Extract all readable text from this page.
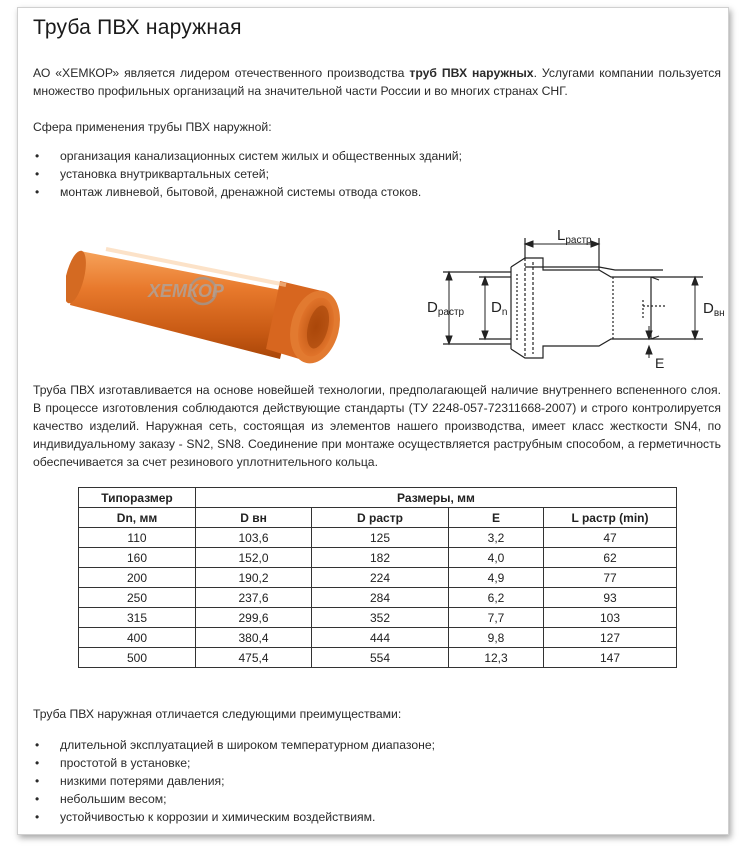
Труба ПВХ наружная
АО «ХЕМКОР» является лидером отечественного производства труб ПВХ наружных. Услугами компании пользуется множество профильных организаций на значительной части России и во многих странах СНГ.
Сфера применения трубы ПВХ наружной:
• организация канализационных систем жилых и общественных зданий;
• установка внутриквартальных сетей;
• монтаж ливневой, бытовой, дренажной системы отвода стоков.
ХЕМКОР
$L_{растр}$
$D_{растр}$ $D_n$	$D_{вн}$
E
Труба ПВХ изготавливается на основе новейшей технологии, предполагающей наличие внутреннего вспененного слоя. В процессе изготовления соблюдаются действующие стандарты (ТУ 2248-057-72311668-2007) и строго контролируется качество изделий. Наружная сеть, состоящая из элементов нашего производства, имеет класс жесткости SN4, по индивидуальному заказу - SN2, SN8. Соединение при монтаже осуществляется раструбным способом, а герметичность обеспечивается за счет резинового уплотнительного кольца.
Типоразмер	Размеры, мм			
Dn, мм	D вн	D растр	E	L растр (min)
110	103,6	125	3,2	47
160	152,0	182	4,0	62
200	190,2	224	4,9	77
250	237,6	284	6,2	93
315	299,6	352	7,7	103
400	380,4	444	9,8	127
500	475,4	554	12,3	147
Труба ПВХ наружная отличается следующими преимуществами:
• длительной эксплуатацией в широком температурном диапазоне;
• простотой в установке;
• низкими потерями давления;
• небольшим весом;
• устойчивостью к коррозии и химическим воздействиям.
